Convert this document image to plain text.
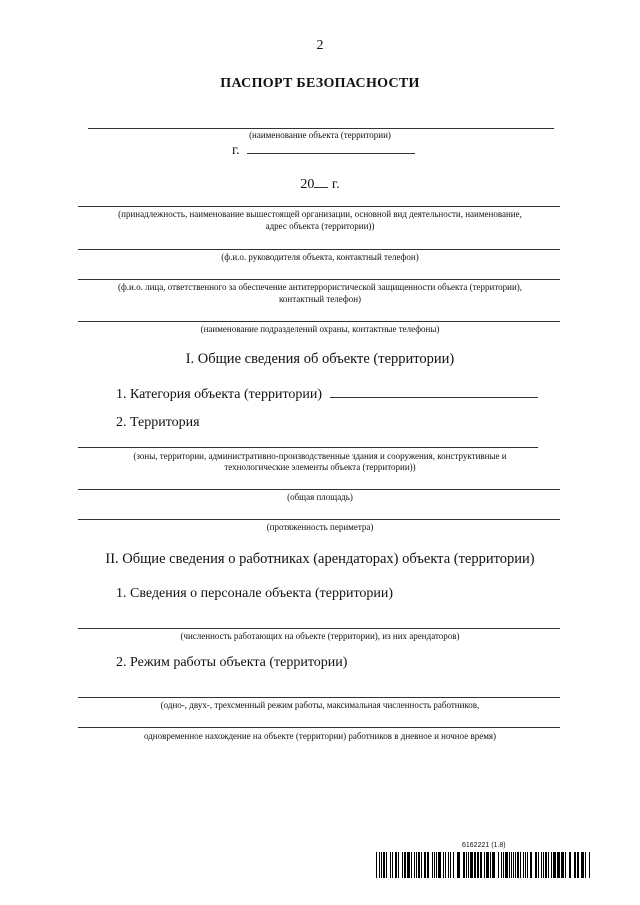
2
ПАСПОРТ БЕЗОПАСНОСТИ
(наименование объекта (территории)
г.
20 г.
(принадлежность, наименование вышестоящей организации, основной вид деятельности, наименование,
адрес объекта (территории))
(ф.и.о. руководителя объекта, контактный телефон)
(ф.и.о. лица, ответственного за обеспечение антитеррористической защищенности объекта (территории),
контактный телефон)
(наименование подразделений охраны, контактные телефоны)
I. Общие сведения об объекте (территории)
1. Категория объекта (территории)
2. Территория
(зоны, территории, административно-производственные здания и сооружения, конструктивные и
технологические элементы объекта (территории))
(общая площадь)
(протяженность периметра)
II. Общие сведения о работниках (арендаторах) объекта (территории)
1. Сведения о персонале объекта (территории)
(численность работающих на объекте (территории), из них арендаторов)
2. Режим работы объекта (территории)
(одно-, двух-, трехсменный режим работы, максимальная численность работников,
одновременное нахождение на объекте (территории) работников в дневное и ночное время)
6162221 (1.8)
